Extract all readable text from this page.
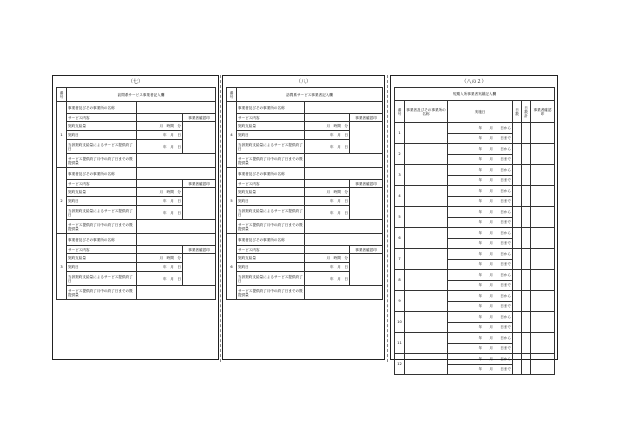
（七）
番号	訪問系サービス事業者記入欄		
1	事業者及びその事業所の名称		
	サービス内容		事業者確認印
	契約支給量	月　時間　分	
	契約日	年　月　日	
	当該契約支給量によるサービス提供終了日	年　月　日	
	サービス提供終了月中の終了日までの既提供量		
2	事業者及びその事業所の名称		
	サービス内容		事業者確認印
	契約支給量	月　時間　分	
	契約日	年　月　日	
	当該契約支給量によるサービス提供終了日	年　月　日	
	サービス提供終了月中の終了日までの既提供量		
3	事業者及びその事業所の名称		
	サービス内容		事業者確認印
	契約支給量	月　時間　分	
	契約日	年　月　日	
	当該契約支給量によるサービス提供終了日	年　月　日	
	サービス提供終了月中の終了日までの既提供量		
（八）
番号	訪問系サービス事業者記入欄		
4	事業者及びその事業所の名称		
	サービス内容		事業者確認印
	契約支給量	月　時間　分	
	契約日	年　月　日	
	当該契約支給量によるサービス提供終了日	年　月　日	
	サービス提供終了月中の終了日までの既提供量		
5	事業者及びその事業所の名称		
	サービス内容		事業者確認印
	契約支給量	月　時間　分	
	契約日	年　月　日	
	当該契約支給量によるサービス提供終了日	年　月　日	
	サービス提供終了月中の終了日までの既提供量		
6	事業者及びその事業所の名称		
	サービス内容		事業者確認印
	契約支給量	月　時間　分	
	契約日	年　月　日	
	当該契約支給量によるサービス提供終了日	年　月　日	
	サービス提供終了月中の終了日までの既提供量		
（八の２）
短期入所事業者実績記入欄					
番号	事業者及びその事業所の名称	実施日	日数	日数計	事業者確認印
1		年　　月　　日から			
		年　　月　　日まで			
2		年　　月　　日から			
		年　　月　　日まで			
3		年　　月　　日から			
		年　　月　　日まで			
4		年　　月　　日から			
		年　　月　　日まで			
5		年　　月　　日から			
		年　　月　　日まで			
6		年　　月　　日から			
		年　　月　　日まで			
7		年　　月　　日から			
		年　　月　　日まで			
8		年　　月　　日から			
		年　　月　　日まで			
9		年　　月　　日から			
		年　　月　　日まで			
10		年　　月　　日から			
		年　　月　　日まで			
11		年　　月　　日から			
		年　　月　　日まで			
12		年　　月　　日から			
		年　　月　　日まで			
